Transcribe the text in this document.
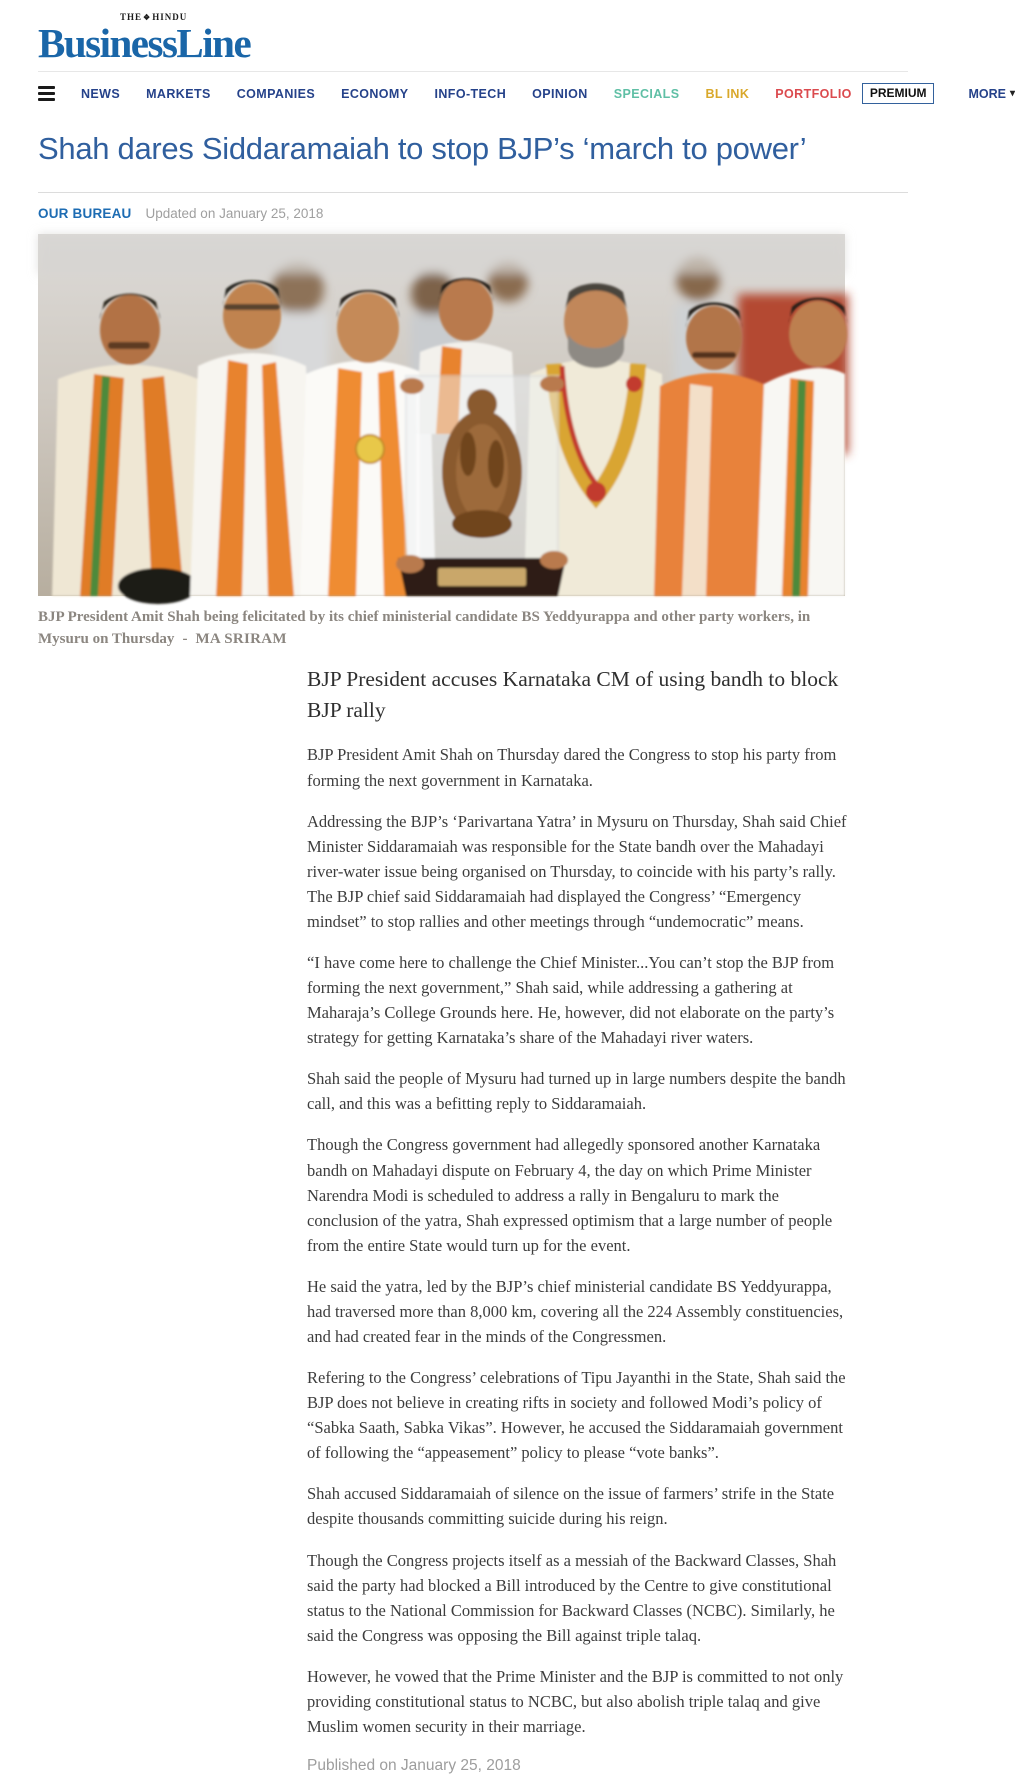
THE❖HINDU
BusinessLine
NEWS MARKETS COMPANIES ECONOMY INFO-TECH OPINION SPECIALS BL INK PORTFOLIO	PREMIUM	MORE ▾
Shah dares Siddaramaiah to stop BJP’s ‘march to power’
OUR BUREAU Updated on January 25, 2018
BJP President Amit Shah being felicitated by its chief ministerial candidate BS Yeddyurappa and other party workers, in Mysuru on Thursday - MA SRIRAM
BJP President accuses Karnataka CM of using bandh to block BJP rally

BJP President Amit Shah on Thursday dared the Congress to stop his party from forming the next government in Karnataka.

Addressing the BJP’s ‘Parivartana Yatra’ in Mysuru on Thursday, Shah said Chief Minister Siddaramaiah was responsible for the State bandh over the Mahadayi river-water issue being organised on Thursday, to coincide with his party’s rally. The BJP chief said Siddaramaiah had displayed the Congress’ “Emergency mindset” to stop rallies and other meetings through “undemocratic” means.

“I have come here to challenge the Chief Minister...You can’t stop the BJP from forming the next government,” Shah said, while addressing a gathering at Maharaja’s College Grounds here. He, however, did not elaborate on the party’s strategy for getting Karnataka’s share of the Mahadayi river waters.

Shah said the people of Mysuru had turned up in large numbers despite the bandh call, and this was a befitting reply to Siddaramaiah.

Though the Congress government had allegedly sponsored another Karnataka bandh on Mahadayi dispute on February 4, the day on which Prime Minister Narendra Modi is scheduled to address a rally in Bengaluru to mark the conclusion of the yatra, Shah expressed optimism that a large number of people from the entire State would turn up for the event.

He said the yatra, led by the BJP’s chief ministerial candidate BS Yeddyurappa, had traversed more than 8,000 km, covering all the 224 Assembly constituencies, and had created fear in the minds of the Congressmen.

Refering to the Congress’ celebrations of Tipu Jayanthi in the State, Shah said the BJP does not believe in creating rifts in society and followed Modi’s policy of “Sabka Saath, Sabka Vikas”. However, he accused the Siddaramaiah government of following the “appeasement” policy to please “vote banks”.

Shah accused Siddaramaiah of silence on the issue of farmers’ strife in the State despite thousands committing suicide during his reign.

Though the Congress projects itself as a messiah of the Backward Classes, Shah said the party had blocked a Bill introduced by the Centre to give constitutional status to the National Commission for Backward Classes (NCBC). Similarly, he said the Congress was opposing the Bill against triple talaq.

However, he vowed that the Prime Minister and the BJP is committed to not only providing constitutional status to NCBC, but also abolish triple talaq and give Muslim women security in their marriage.

Published on January 25, 2018
